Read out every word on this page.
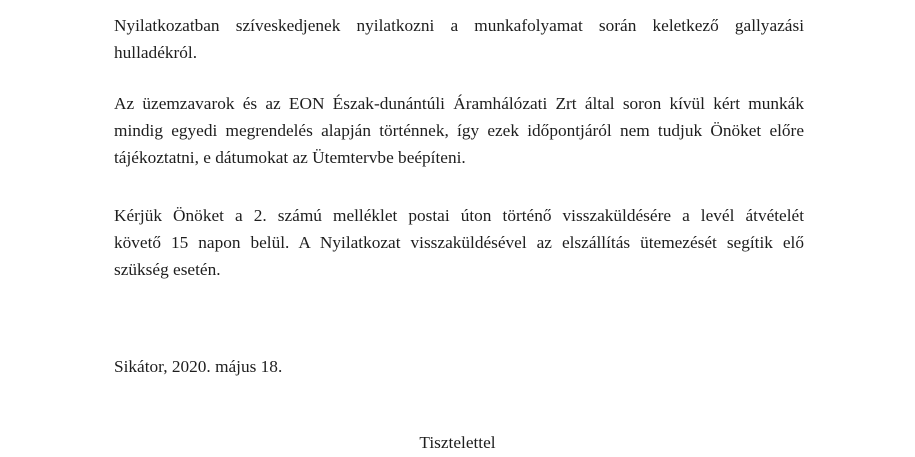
Nyilatkozatban szíveskedjenek nyilatkozni a munkafolyamat során keletkező gallyazási
hulladékról.

Az üzemzavarok és az EON Észak-dunántúli Áramhálózati Zrt által soron kívül kért munkák
mindig egyedi megrendelés alapján történnek, így ezek időpontjáról nem tudjuk Önöket előre
tájékoztatni, e dátumokat az Ütemtervbe beépíteni.

Kérjük Önöket a 2. számú melléklet postai úton történő visszaküldésére a levél átvételét
követő 15 napon belül. A Nyilatkozat visszaküldésével az elszállítás ütemezését segítik elő
szükség esetén.

Sikátor, 2020. május 18.

Tisztelettel
